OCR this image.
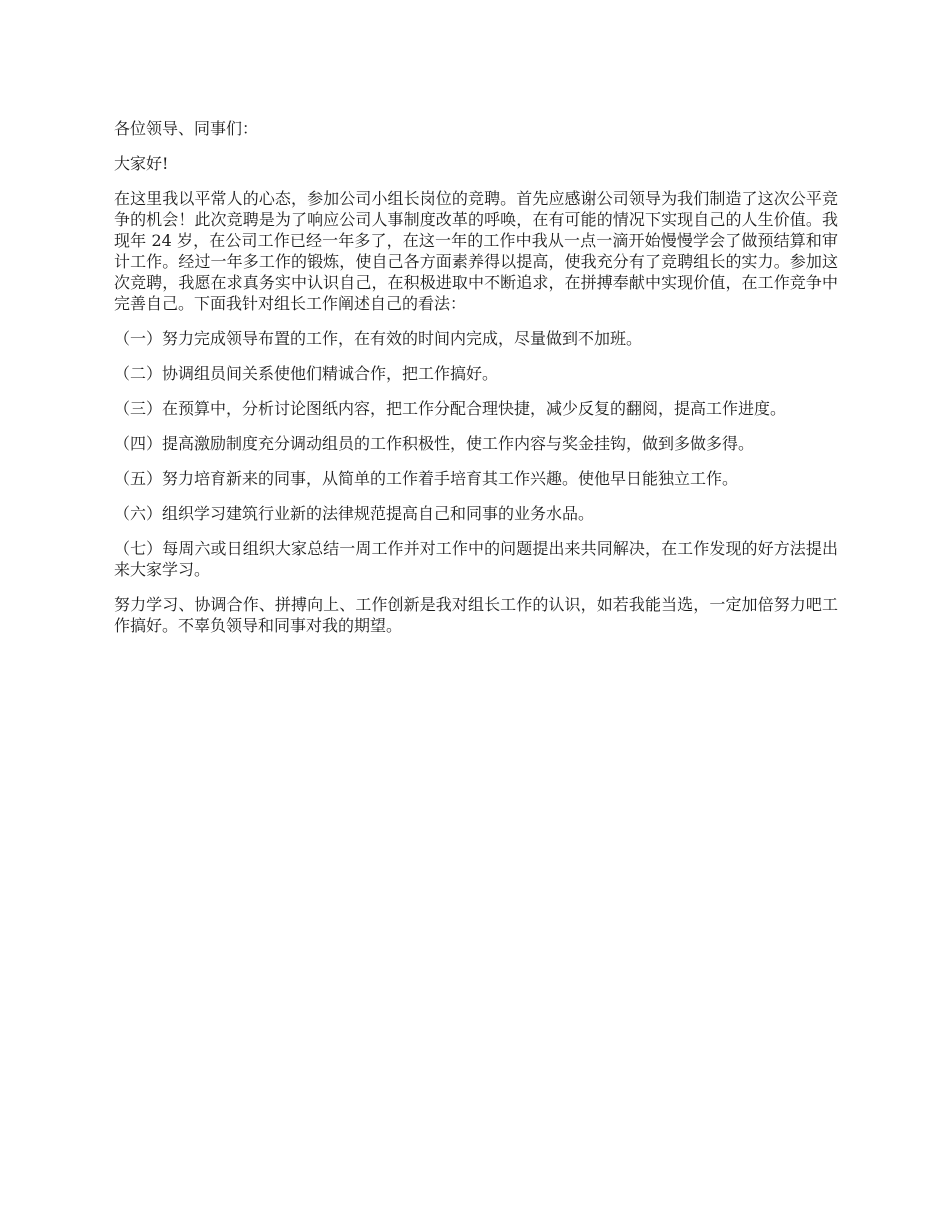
各位领导、同事们：

大家好!

在这里我以平常人的心态，参加公司小组长岗位的竞聘。首先应感谢公司领导为我们制造了这次公平竞争的机会！此次竞聘是为了响应公司人事制度改革的呼唤，在有可能的情况下实现自己的人生价值。我现年 24 岁，在公司工作已经一年多了，在这一年的工作中我从一点一滴开始慢慢学会了做预结算和审计工作。经过一年多工作的锻炼，使自己各方面素养得以提高，使我充分有了竞聘组长的实力。参加这次竞聘，我愿在求真务实中认识自己，在积极进取中不断追求，在拼搏奉献中实现价值，在工作竞争中完善自己。下面我针对组长工作阐述自己的看法：

（一）努力完成领导布置的工作，在有效的时间内完成，尽量做到不加班。

（二）协调组员间关系使他们精诚合作，把工作搞好。

（三）在预算中，分析讨论图纸内容，把工作分配合理快捷，减少反复的翻阅，提高工作进度。

（四）提高激励制度充分调动组员的工作积极性，使工作内容与奖金挂钩，做到多做多得。

（五）努力培育新来的同事，从简单的工作着手培育其工作兴趣。使他早日能独立工作。

（六）组织学习建筑行业新的法律规范提高自己和同事的业务水品。

（七）每周六或日组织大家总结一周工作并对工作中的问题提出来共同解决，在工作发现的好方法提出来大家学习。

努力学习、协调合作、拼搏向上、工作创新是我对组长工作的认识，如若我能当选，一定加倍努力吧工作搞好。不辜负领导和同事对我的期望。
